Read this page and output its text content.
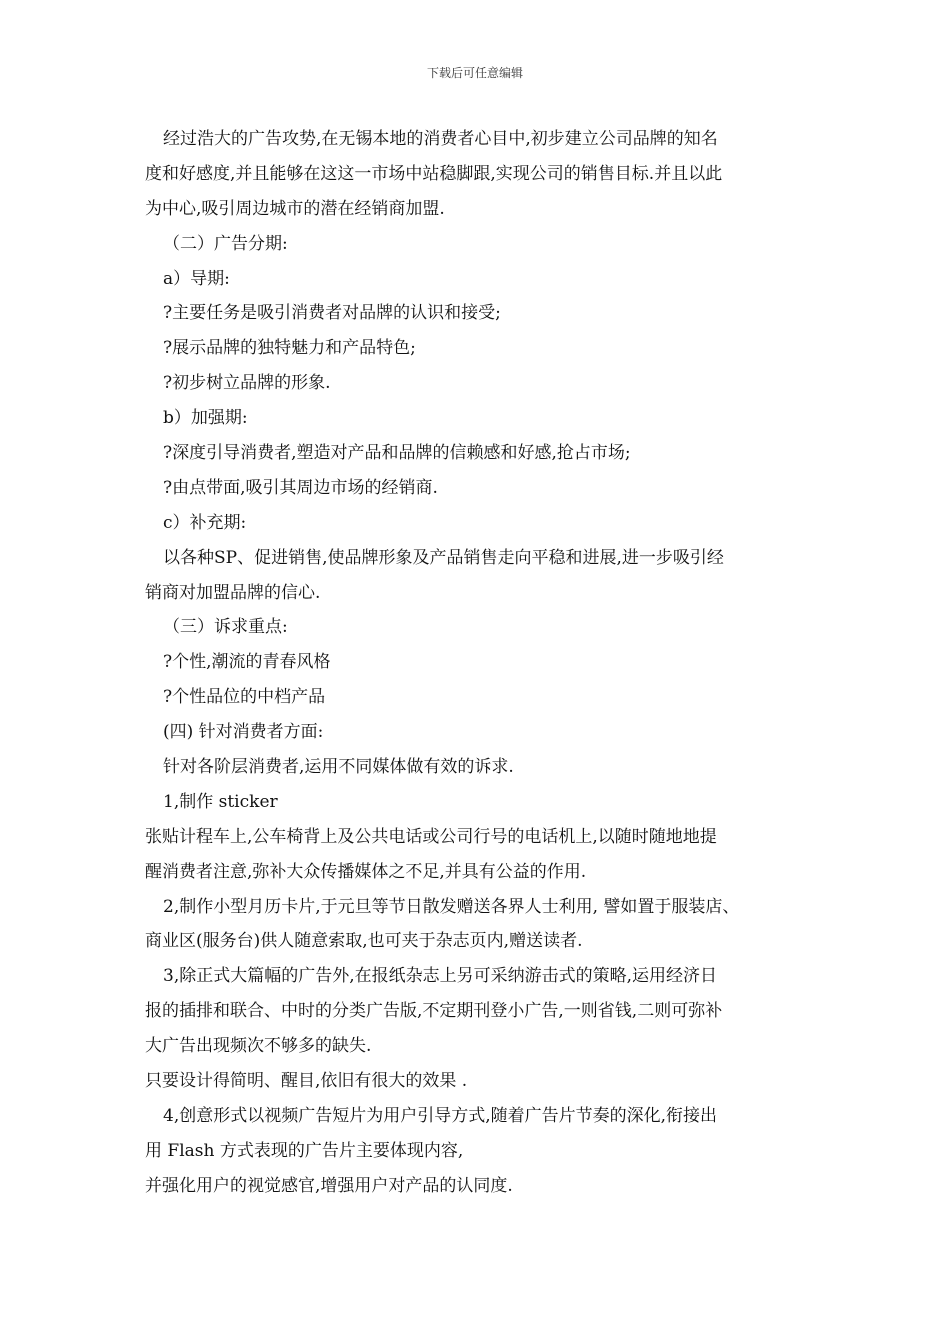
下载后可任意编辑
经过浩大的广告攻势,在无锡本地的消费者心目中,初步建立公司品牌的知名
度和好感度,并且能够在这这一市场中站稳脚跟,实现公司的销售目标.并且以此
为中心,吸引周边城市的潜在经销商加盟.
（二）广告分期:
a）导期:
?主要任务是吸引消费者对品牌的认识和接受;
?展示品牌的独特魅力和产品特色;
?初步树立品牌的形象.
b）加强期:
?深度引导消费者,塑造对产品和品牌的信赖感和好感,抢占市场;
?由点带面,吸引其周边市场的经销商.
c）补充期:
以各种SP、促进销售,使品牌形象及产品销售走向平稳和进展,进一步吸引经
销商对加盟品牌的信心.
（三）诉求重点:
?个性,潮流的青春风格
?个性品位的中档产品
(四) 针对消费者方面:
针对各阶层消费者,运用不同媒体做有效的诉求.
1,制作 sticker
张贴计程车上,公车椅背上及公共电话或公司行号的电话机上,以随时随地地提
醒消费者注意,弥补大众传播媒体之不足,并具有公益的作用.
2,制作小型月历卡片,于元旦等节日散发赠送各界人士利用, 譬如置于服装店、
商业区(服务台)供人随意索取,也可夹于杂志页内,赠送读者.
3,除正式大篇幅的广告外,在报纸杂志上另可采纳游击式的策略,运用经济日
报的插排和联合、中时的分类广告版,不定期刊登小广告,一则省钱,二则可弥补
大广告出现频次不够多的缺失.
只要设计得简明、醒目,依旧有很大的效果 .
4,创意形式以视频广告短片为用户引导方式,随着广告片节奏的深化,衔接出
用 Flash 方式表现的广告片主要体现内容,
并强化用户的视觉感官,增强用户对产品的认同度.
